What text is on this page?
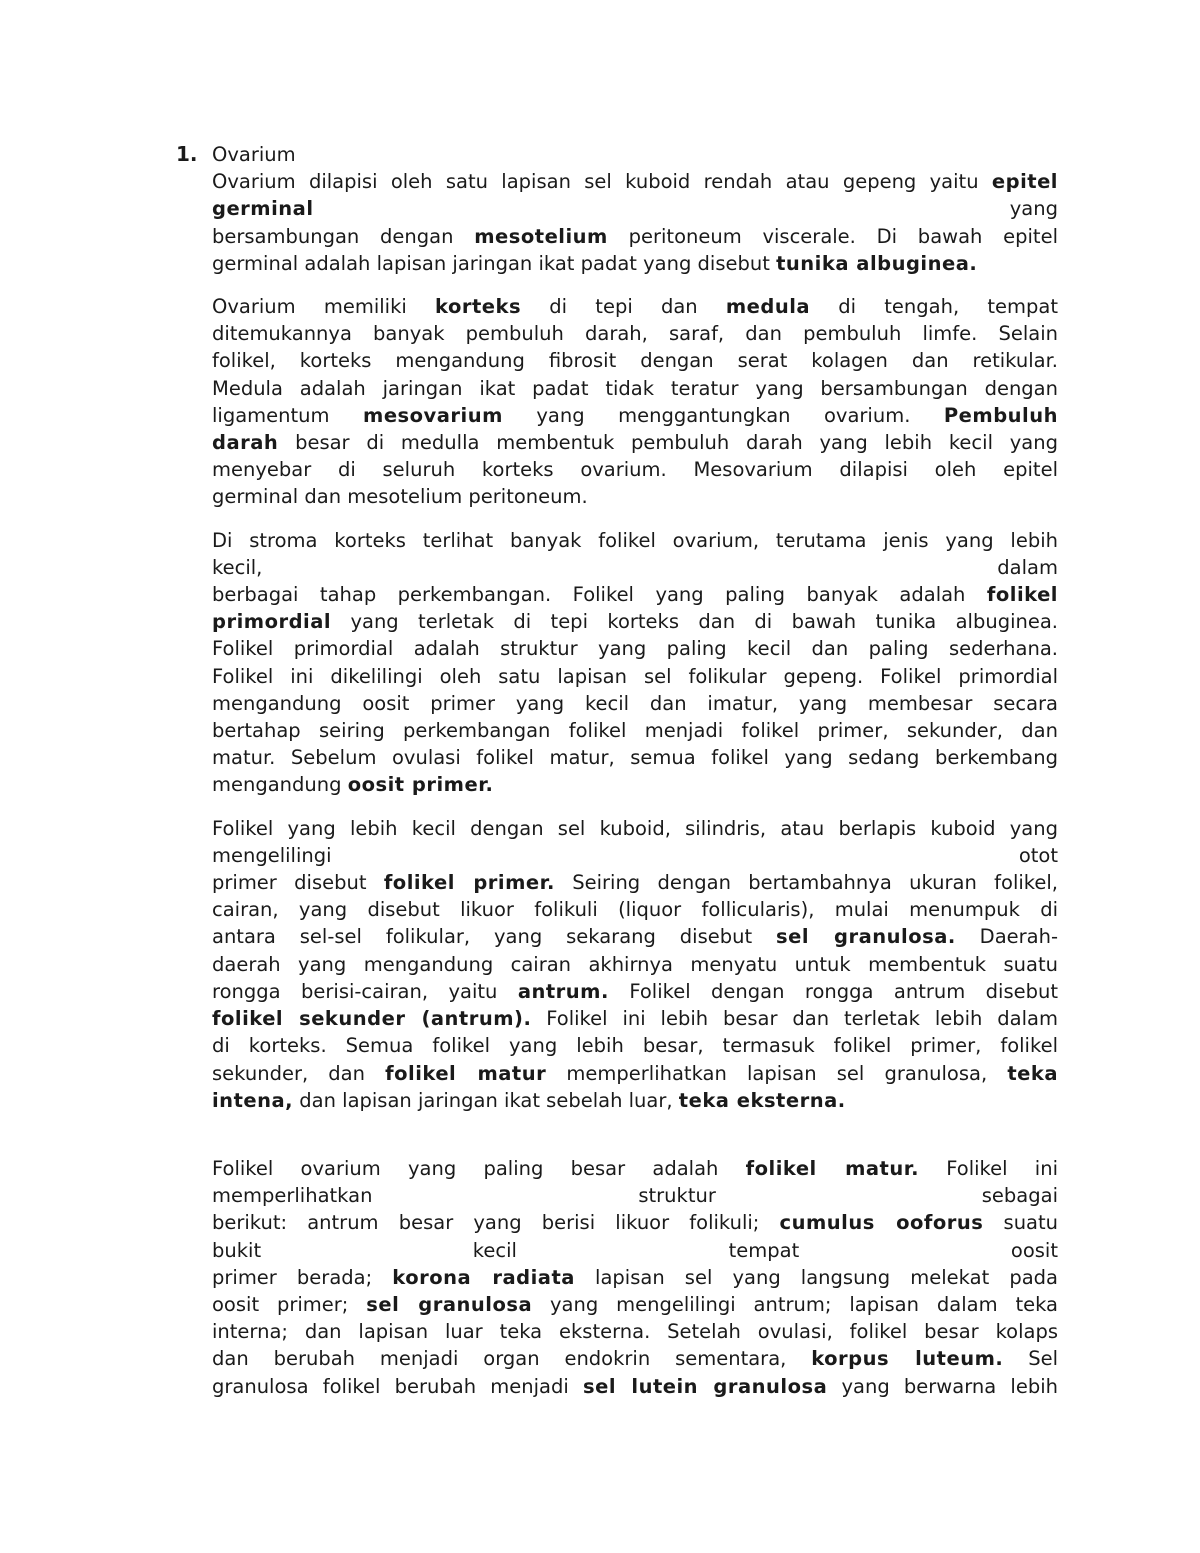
1. Ovarium
Ovarium dilapisi oleh satu lapisan sel kuboid rendah atau gepeng yaitu epitel
germinal yang
bersambungan dengan mesotelium peritoneum viscerale. Di bawah epitel
germinal adalah lapisan jaringan ikat padat yang disebut tunika albuginea.
Ovarium memiliki korteks di tepi dan medula di tengah, tempat
ditemukannya banyak pembuluh darah, saraf, dan pembuluh limfe. Selain
folikel, korteks mengandung fibrosit dengan serat kolagen dan retikular.
Medula adalah jaringan ikat padat tidak teratur yang bersambungan dengan
ligamentum mesovarium yang menggantungkan ovarium. Pembuluh
darah besar di medulla membentuk pembuluh darah yang lebih kecil yang
menyebar di seluruh korteks ovarium. Mesovarium dilapisi oleh epitel
germinal dan mesotelium peritoneum.
Di stroma korteks terlihat banyak folikel ovarium, terutama jenis yang lebih
kecil, dalam
berbagai tahap perkembangan. Folikel yang paling banyak adalah folikel
primordial yang terletak di tepi korteks dan di bawah tunika albuginea.
Folikel primordial adalah struktur yang paling kecil dan paling sederhana.
Folikel ini dikelilingi oleh satu lapisan sel folikular gepeng. Folikel primordial
mengandung oosit primer yang kecil dan imatur, yang membesar secara
bertahap seiring perkembangan folikel menjadi folikel primer, sekunder, dan
matur. Sebelum ovulasi folikel matur, semua folikel yang sedang berkembang
mengandung oosit primer.
Folikel yang lebih kecil dengan sel kuboid, silindris, atau berlapis kuboid yang
mengelilingi otot
primer disebut folikel primer. Seiring dengan bertambahnya ukuran folikel,
cairan, yang disebut likuor folikuli (liquor follicularis), mulai menumpuk di
antara sel-sel folikular, yang sekarang disebut sel granulosa. Daerah-
daerah yang mengandung cairan akhirnya menyatu untuk membentuk suatu
rongga berisi-cairan, yaitu antrum. Folikel dengan rongga antrum disebut
folikel sekunder (antrum). Folikel ini lebih besar dan terletak lebih dalam
di korteks. Semua folikel yang lebih besar, termasuk folikel primer, folikel
sekunder, dan folikel matur memperlihatkan lapisan sel granulosa, teka
intena, dan lapisan jaringan ikat sebelah luar, teka eksterna.
Folikel ovarium yang paling besar adalah folikel matur. Folikel ini
memperlihatkan struktur sebagai
berikut: antrum besar yang berisi likuor folikuli; cumulus ooforus suatu
bukit kecil tempat oosit
primer berada; korona radiata lapisan sel yang langsung melekat pada
oosit primer; sel granulosa yang mengelilingi antrum; lapisan dalam teka
interna; dan lapisan luar teka eksterna. Setelah ovulasi, folikel besar kolaps
dan berubah menjadi organ endokrin sementara, korpus luteum. Sel
granulosa folikel berubah menjadi sel lutein granulosa yang berwarna lebih
